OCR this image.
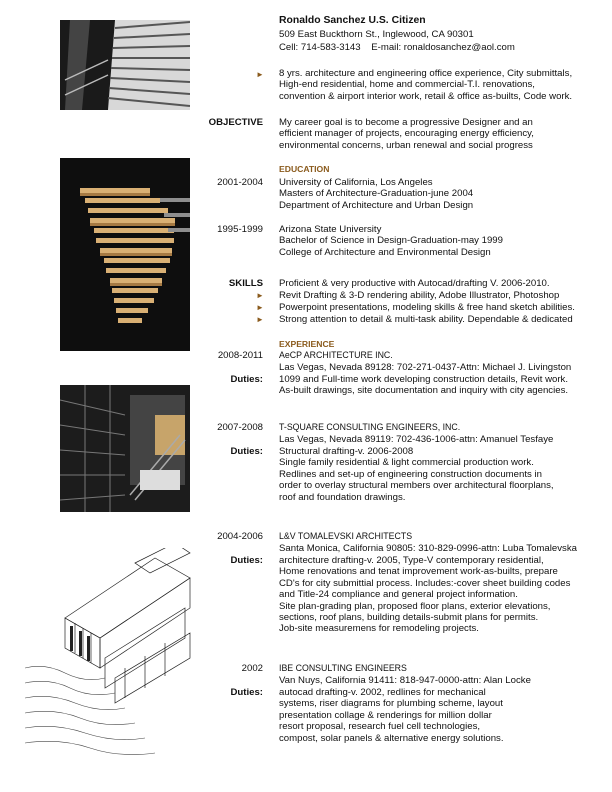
Ronaldo Sanchez U.S. Citizen
509 East Buckthorn St., Inglewood, CA 90301
Cell: 714-583-3143    E-mail: ronaldosanchez@aol.com
► 8 yrs. architecture and engineering office experience, City submittals,
High-end residential, home and commercial-T.I. renovations,
convention & airport interior work, retail & office as-builts, Code work.
OBJECTIVE My career goal is to become a progressive Designer and an
efficient manager of projects, encouraging energy efficiency,
environmental concerns, urban renewal and social progress
EDUCATION
2001-2004 University of California, Los Angeles
Masters of Architecture-Graduation-june 2004
Department of Architecture and Urban Design
1995-1999 Arizona State University
Bachelor of Science in Design-Graduation-may 1999
College of Architecture and Environmental Design
SKILLS Proficient & very productive with Autocad/drafting V. 2006-2010.
► Revit Drafting & 3-D rendering ability, Adobe Illustrator, Photoshop
► Powerpoint presentations, modeling skills & free hand sketch abilities.
► Strong attention to detail & multi-task ability. Dependable & dedicated
EXPERIENCE
2008-2011 AeCP ARCHITECTURE INC.
Las Vegas, Nevada 89128: 702-271-0437-Attn: Michael J. Livingston
Duties: 1099 and Full-time work developing construction details, Revit work.
As-built drawings, site documentation and inquiry with city agencies.
2007-2008 T-SQUARE CONSULTING ENGINEERS, INC.
Las Vegas, Nevada 89119: 702-436-1006-attn: Amanuel Tesfaye
Duties: Structural drafting-v. 2006-2008
Single family residential & light commercial production work.
Redlines and set-up of engineering construction documents in
order to overlay structural members over architectural floorplans,
roof and foundation drawings.
2004-2006 L&V TOMALEVSKI ARCHITECTS
Santa Monica, California 90805: 310-829-0996-attn: Luba Tomalevska
Duties: architecture drafting-v. 2005, Type-V contemporary residential,
Home renovations and tenat improvement work-as-builts, prepare
CD's for city submittial process. Includes:-cover sheet building codes
and Title-24 compliance and general project information.
Site plan-grading plan, proposed floor plans, exterior elevations,
sections, roof plans, building details-submit plans for permits.
Job-site measuremens for remodeling projects.
2002 IBE CONSULTING ENGINEERS
Van Nuys, California 91411: 818-947-0000-attn: Alan Locke
Duties: autocad drafting-v. 2002, redlines for mechanical
systems, riser diagrams for plumbing scheme, layout
presentation collage & renderings for million dollar
resort proposal, research fuel cell technologies,
compost, solar panels & alternative energy solutions.
